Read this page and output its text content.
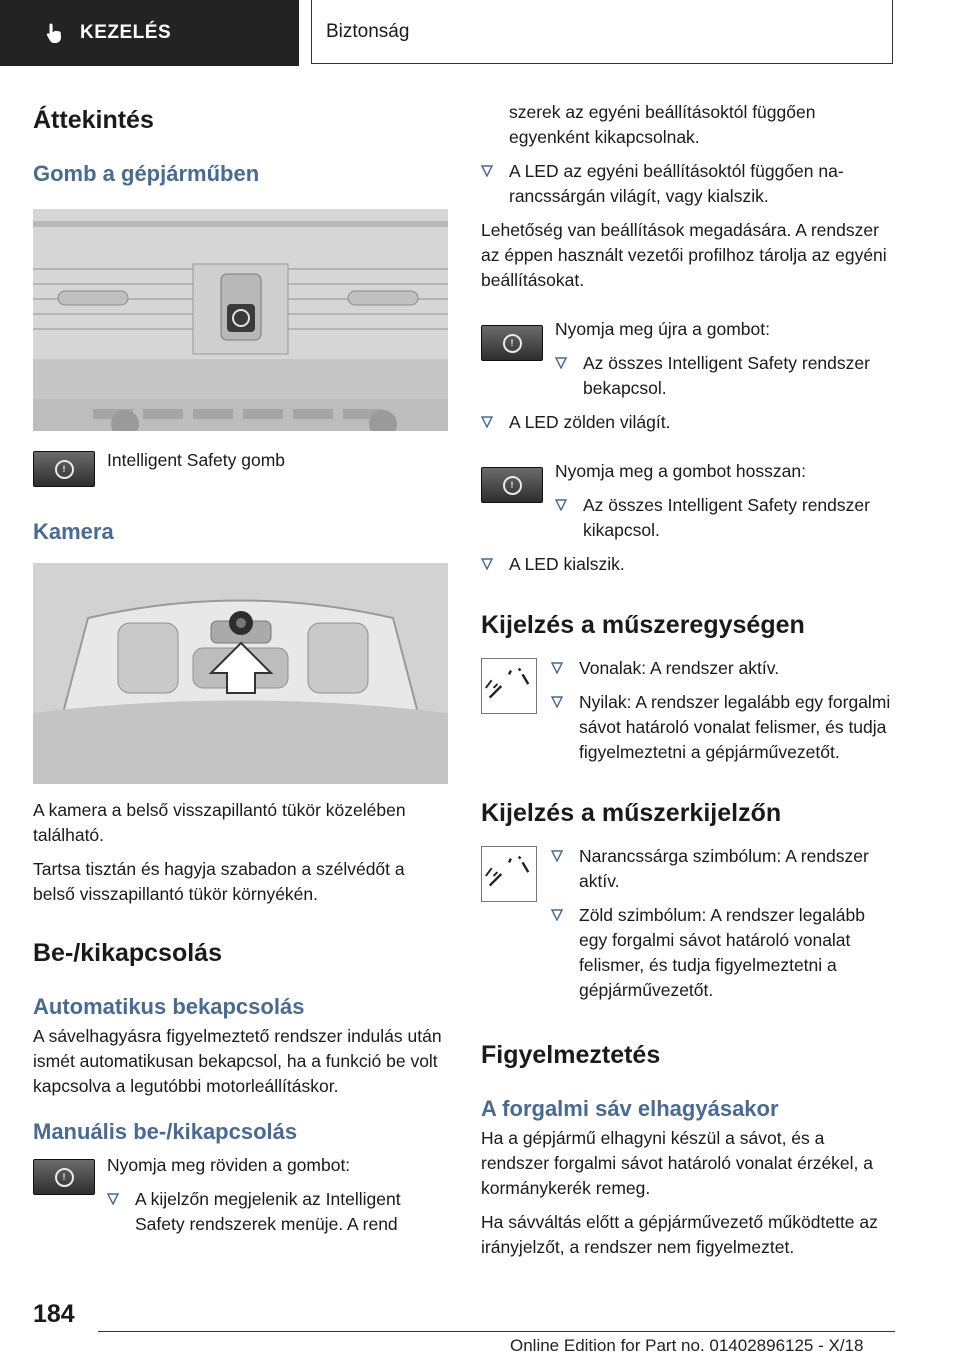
KEZELÉS	Biztonság
Áttekintés
Gomb a gépjárműben
!	Intelligent Safety gomb

Kamera

A kamera a belső visszapillantó tükör közelében található.

Tartsa tisztán és hagyja szabadon a szélvédőt a belső visszapillantó tükör környékén.

Be-/kikapcsolás
Automatikus bekapcsolás

A sávelhagyásra figyelmeztető rendszer indulás után ismét automatikusan bekapcsol, ha a funkció be volt kapcsolva a legutóbbi motorleállításkor.

Manuális be-/kikapcsolás
!

Nyomja meg röviden a gombot:

A kijelzőn megjelenik az Intelligent Safety rendszerek menüje. A rend

szerek az egyéni beállításoktól függően egyenként kikapcsolnak.

A LED az egyéni beállításoktól függően narancssárgán világít, vagy kialszik.

Lehetőség van beállítások megadására. A rendszer az éppen használt vezetői profilhoz tárolja az egyéni beállításokat.

!

Nyomja meg újra a gombot:

Az összes Intelligent Safety rendszer bekapcsol.

A LED zölden világít.

!

Nyomja meg a gombot hosszan:

Az összes Intelligent Safety rendszer kikapcsol.

A LED kialszik.

Kijelzés a műszeregységen

Vonalak: A rendszer aktív.

Nyilak: A rendszer legalább egy forgalmi sávot határoló vonalat felismer, és tudja figyelmeztetni a gépjárművezetőt.

Kijelzés a műszerkijelzőn

Narancssárga szimbólum: A rendszer aktív.

Zöld szimbólum: A rendszer legalább egy forgalmi sávot határoló vonalat felismer, és tudja figyelmeztetni a gépjárművezetőt.

Figyelmeztetés
A forgalmi sáv elhagyásakor

Ha a gépjármű elhagyni készül a sávot, és a rendszer forgalmi sávot határoló vonalat érzékel, a kormánykerék remeg.

Ha sávváltás előtt a gépjárművezető működtette az irányjelzőt, a rendszer nem figyelmeztet.

184
Online Edition for Part no. 01402896125 - X/18
